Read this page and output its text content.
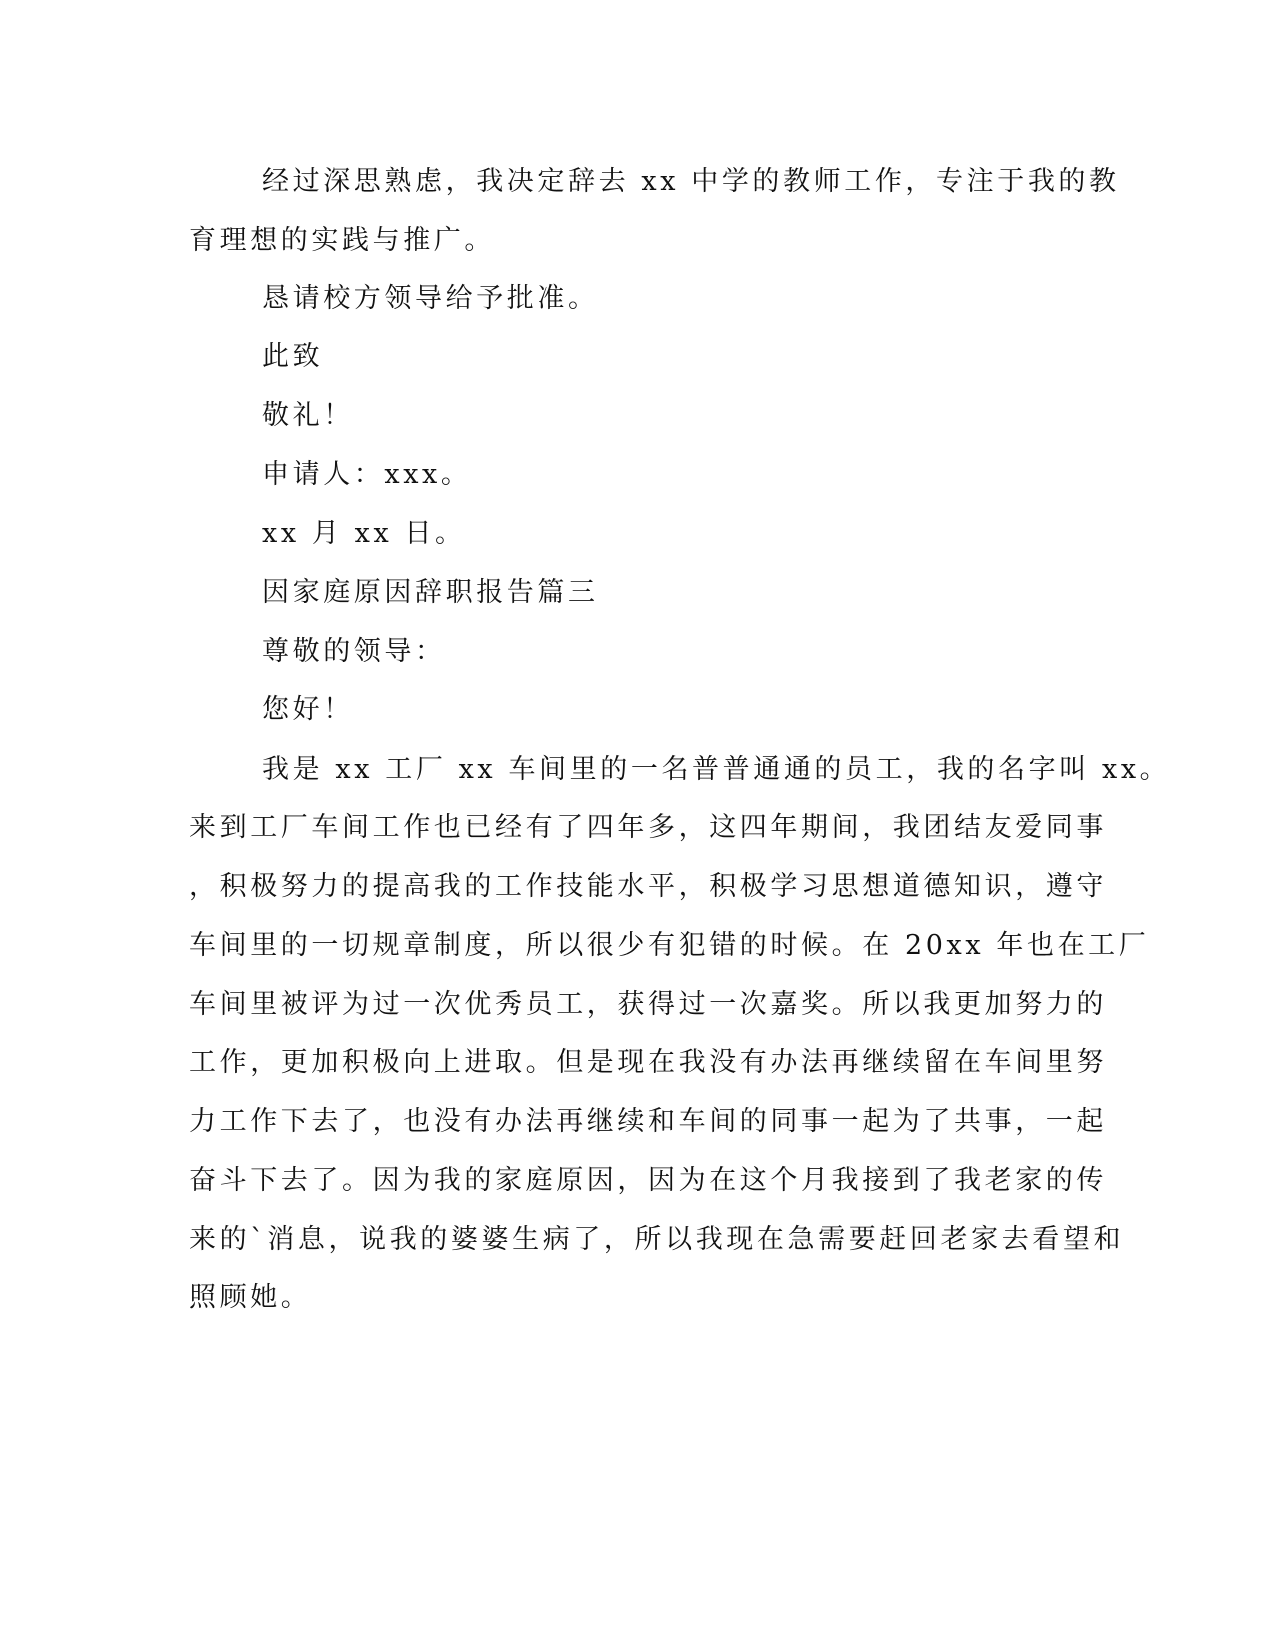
经过深思熟虑，我决定辞去 xx 中学的教师工作，专注于我的教
育理想的实践与推广。
恳请校方领导给予批准。
此致
敬礼！
申请人：xxx。
xx 月 xx 日。
因家庭原因辞职报告篇三
尊敬的领导：
您好！
我是 xx 工厂 xx 车间里的一名普普通通的员工，我的名字叫 xx。
来到工厂车间工作也已经有了四年多，这四年期间，我团结友爱同事
，积极努力的提高我的工作技能水平，积极学习思想道德知识，遵守
车间里的一切规章制度，所以很少有犯错的时候。在 20xx 年也在工厂
车间里被评为过一次优秀员工，获得过一次嘉奖。所以我更加努力的
工作，更加积极向上进取。但是现在我没有办法再继续留在车间里努
力工作下去了，也没有办法再继续和车间的同事一起为了共事，一起
奋斗下去了。因为我的家庭原因，因为在这个月我接到了我老家的传
来的`消息，说我的婆婆生病了，所以我现在急需要赶回老家去看望和
照顾她。
